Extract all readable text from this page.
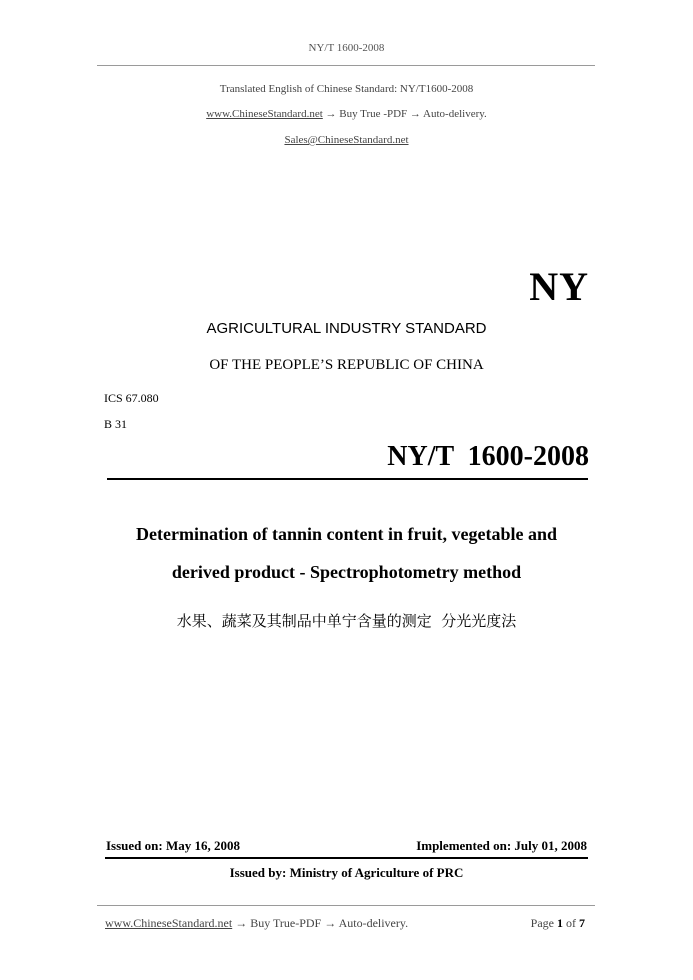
NY/T 1600-2008
Translated English of Chinese Standard: NY/T1600-2008
www.ChineseStandard.net → Buy True -PDF → Auto-delivery.
Sales@ChineseStandard.net
NY
AGRICULTURAL INDUSTRY STANDARD
OF THE PEOPLE’S REPUBLIC OF CHINA
ICS 67.080
B 31
NY/T  1600-2008
Determination of tannin content in fruit, vegetable and
derived product - Spectrophotometry method
水果、蔬菜及其制品中单宁含量的测定  分光光度法
Issued on: May 16, 2008	Implemented on: July 01, 2008
Issued by: Ministry of Agriculture of PRC
www.ChineseStandard.net → Buy True-PDF → Auto-delivery.	Page 1 of 7
